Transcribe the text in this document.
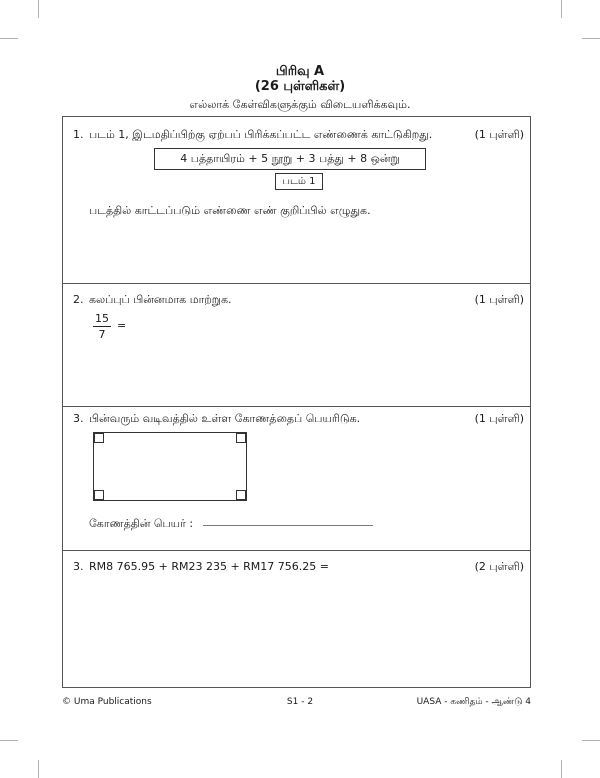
பிரிவு A
(26 புள்ளிகள்)
எல்லாக் கேள்விகளுக்கும் விடையளிக்கவும்.
1. படம் 1, இடமதிப்பிற்கு ஏற்பப் பிரிக்கப்பட்ட எண்ணைக் காட்டுகிறது.	(1 புள்ளி)
4 பத்தாயிரம் + 5 நூறு + 3 பத்து + 8 ஒன்று
படம் 1
படத்தில் காட்டப்படும் எண்ணை எண் குறிப்பில் எழுதுக.
2. கலப்புப் பின்னமாக மாற்றுக.	(1 புள்ளி)
$\frac{15}{7}$ =
3. பின்வரும் வடிவத்தில் உள்ள கோணத்தைப் பெயரிடுக.	(1 புள்ளி)
கோணத்தின் பெயர் :
3. RM8 765.95 + RM23 235 + RM17 756.25 =	(2 புள்ளி)
© Uma Publications	S1 - 2	UASA - கணிதம் - ஆண்டு 4
